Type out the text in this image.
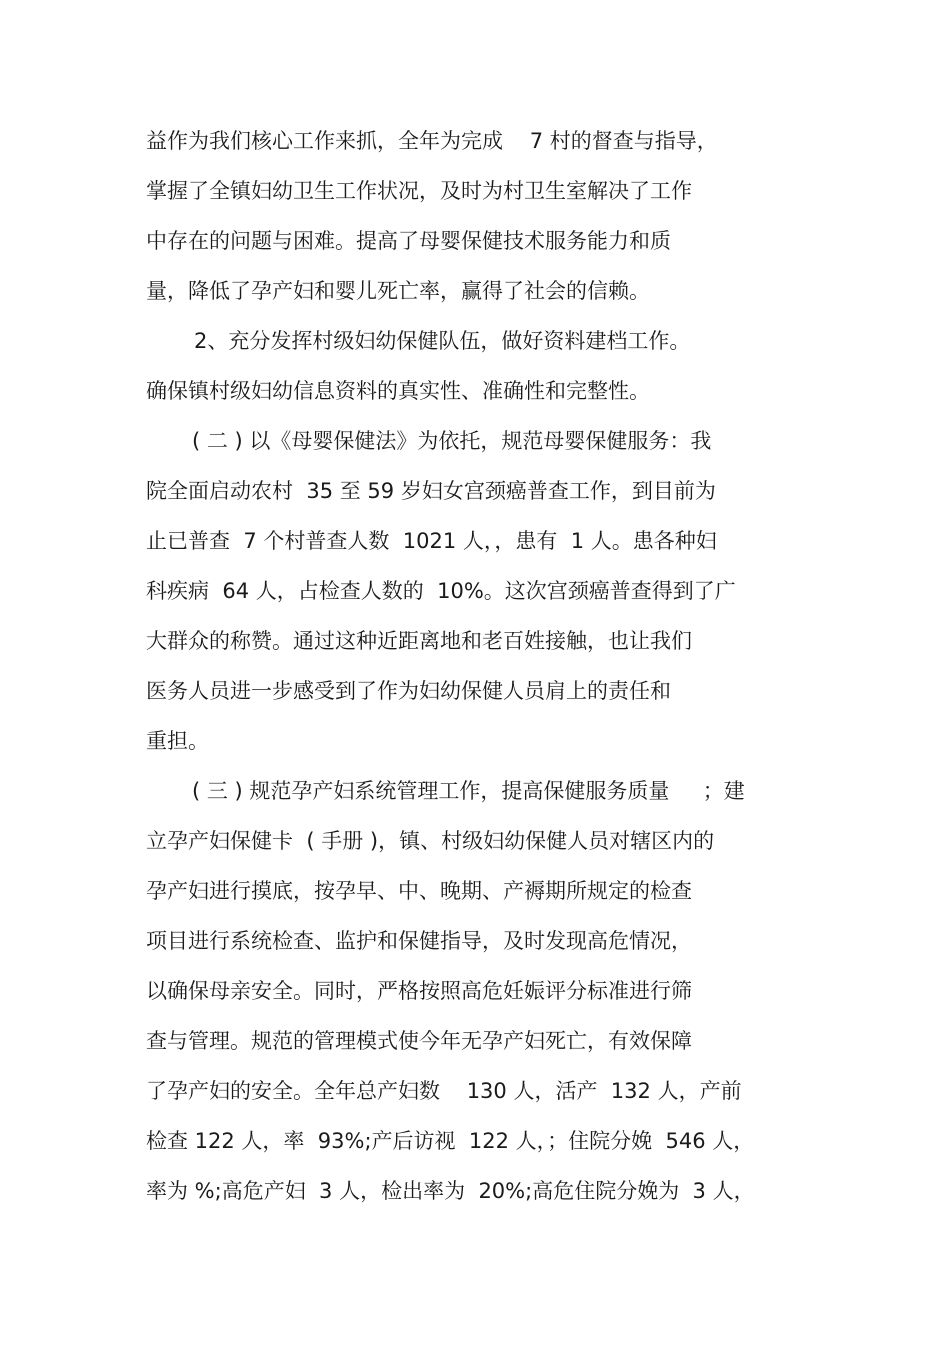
益作为我们核心工作来抓，全年为完成    7 村的督查与指导，
掌握了全镇妇幼卫生工作状况，及时为村卫生室解决了工作
中存在的问题与困难。提高了母婴保健技术服务能力和质
量，降低了孕产妇和婴儿死亡率，赢得了社会的信赖。
2、充分发挥村级妇幼保健队伍，做好资料建档工作。
确保镇村级妇幼信息资料的真实性、准确性和完整性。
( 二 ) 以《母婴保健法》为依托，规范母婴保健服务：我
院全面启动农村  35 至 59 岁妇女宫颈癌普查工作，到目前为
止已普查  7 个村普查人数  1021 人，，患有  1 人。患各种妇
科疾病  64 人，占检查人数的  10%。这次宫颈癌普查得到了广
大群众的称赞。通过这种近距离地和老百姓接触，也让我们
医务人员进一步感受到了作为妇幼保健人员肩上的责任和
重担。
( 三 ) 规范孕产妇系统管理工作，提高保健服务质量     ；建
立孕产妇保健卡  ( 手册 )，镇、村级妇幼保健人员对辖区内的
孕产妇进行摸底，按孕早、中、晚期、产褥期所规定的检查
项目进行系统检查、监护和保健指导，及时发现高危情况，
以确保母亲安全。同时，严格按照高危妊娠评分标准进行筛
查与管理。规范的管理模式使今年无孕产妇死亡，有效保障
了孕产妇的安全。全年总产妇数    130 人，活产  132 人，产前
检查 122 人，率  93%;产后访视  122 人，；住院分娩  546 人，
率为 %;高危产妇  3 人，检出率为  20%;高危住院分娩为  3 人，
